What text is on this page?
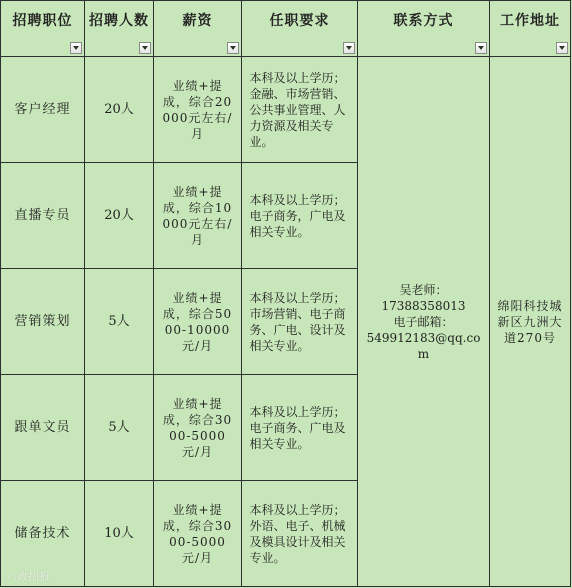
招聘职位	招聘人数	薪资	任职要求	联系方式	工作地址

客户经理	20人	业绩+提成，综合20000元左右/月	本科及以上学历；金融、市场营销、公共事业管理、人力资源及相关专业。	吴老师：
17388358013
电子邮箱：
549912183@qq.com	绵阳科技城新区九洲大道270号

直播专员	20人	业绩+提成，综合10000元左右/月	本科及以上学历；电子商务，广电及相关专业。		

营销策划	5人	业绩+提成，综合5000-10000元/月	本科及以上学历；市场营销、电子商务、广电、设计及相关专业。		

跟单文员	5人	业绩+提成，综合3000-5000元/月	本科及以上学历；电子商务、广电及相关专业。		

储备技术	10人	业绩+提成，综合3000-5000元/月	本科及以上学历；外语、电子、机械及模具设计及相关专业。		
六政招报
